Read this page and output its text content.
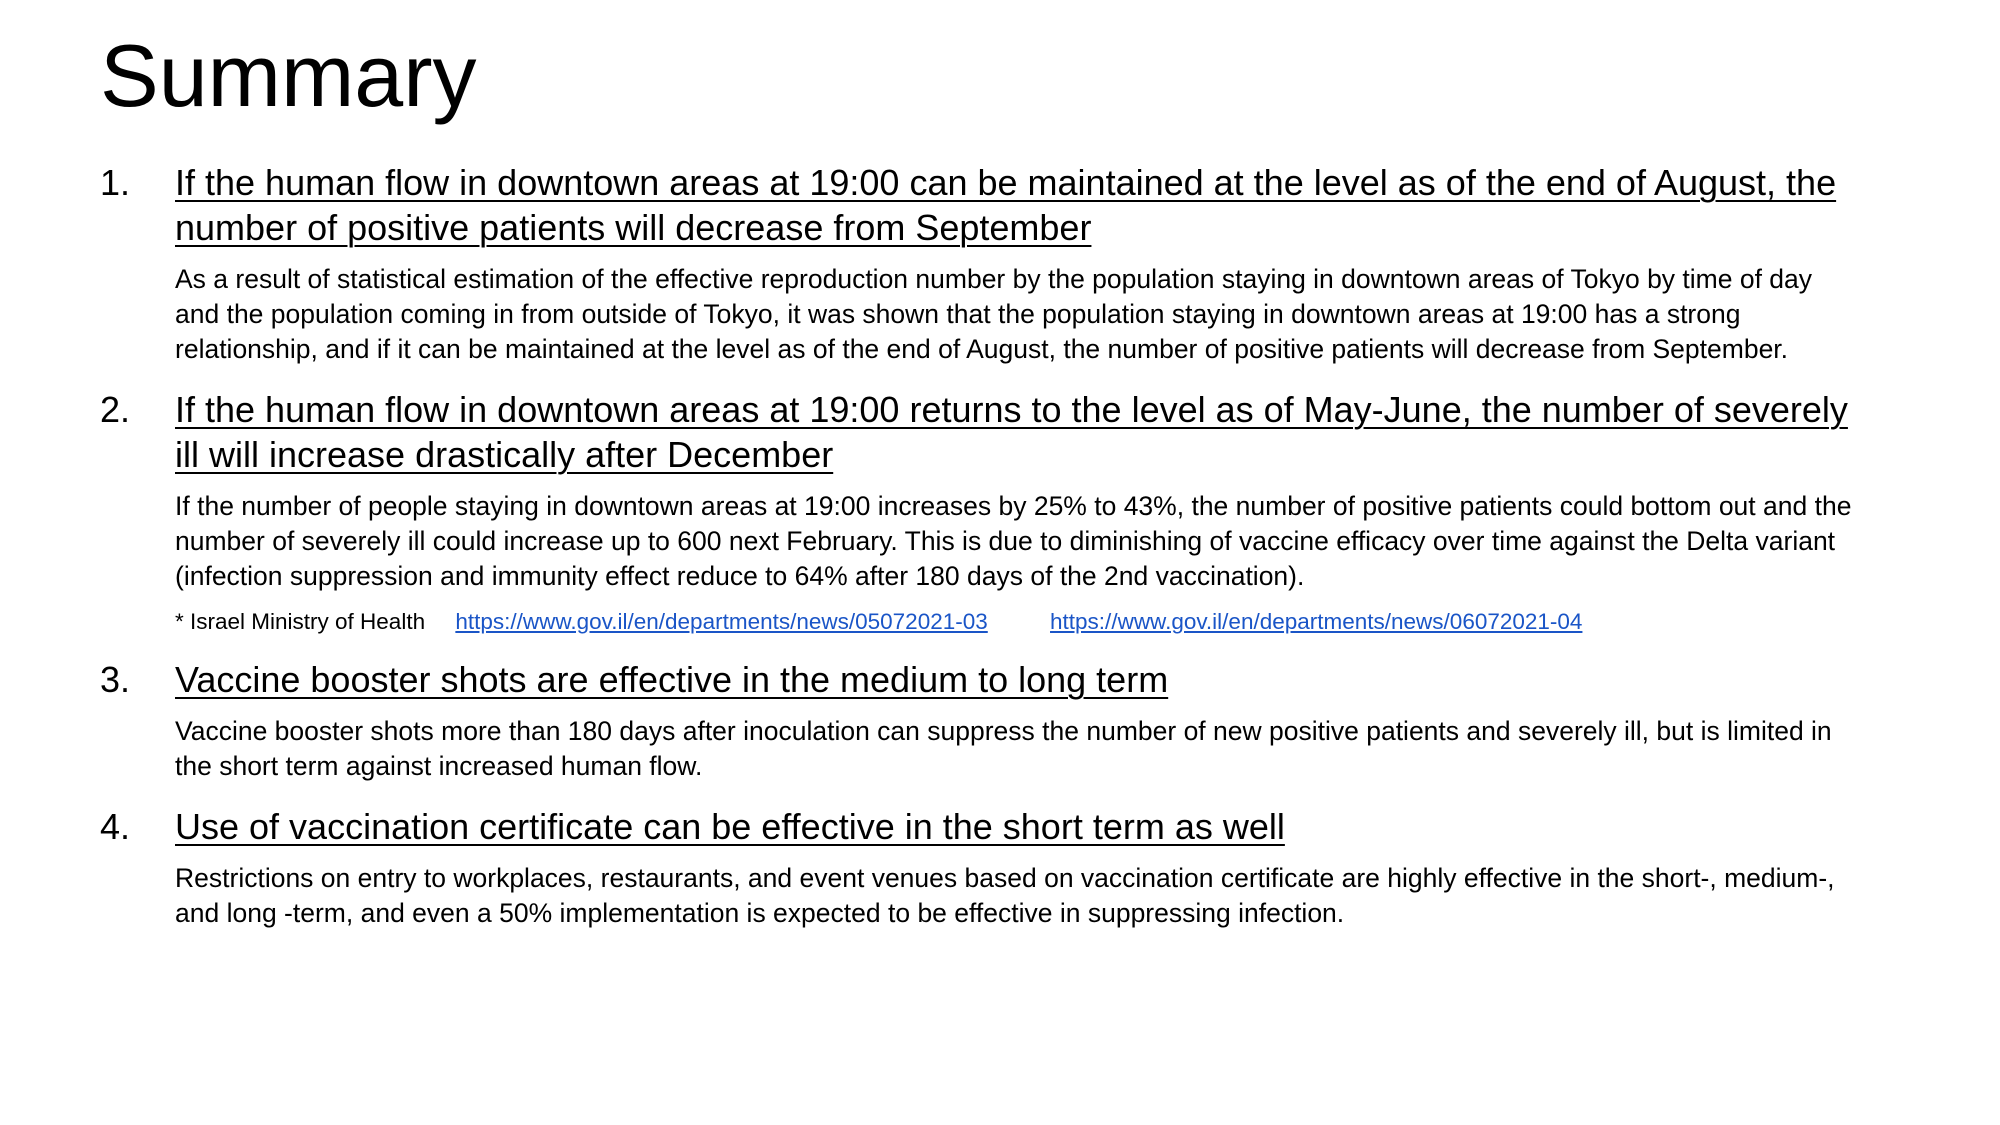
Summary
1. If the human flow in downtown areas at 19:00 can be maintained at the level as of the end of August, the number of positive patients will decrease from September
As a result of statistical estimation of the effective reproduction number by the population staying in downtown areas of Tokyo by time of day and the population coming in from outside of Tokyo, it was shown that the population staying in downtown areas at 19:00 has a strong relationship, and if it can be maintained at the level as of the end of August, the number of positive patients will decrease from September.
2. If the human flow in downtown areas at 19:00 returns to the level as of May-June, the number of severely ill will increase drastically after December
If the number of people staying in downtown areas at 19:00 increases by 25% to 43%, the number of positive patients could bottom out and the number of severely ill could increase up to 600 next February. This is due to diminishing of vaccine efficacy over time against the Delta variant (infection suppression and immunity effect reduce to 64% after 180 days of the 2nd vaccination).
* Israel Ministry of Health https://www.gov.il/en/departments/news/05072021-03	https://www.gov.il/en/departments/news/06072021-04
3. Vaccine booster shots are effective in the medium to long term
Vaccine booster shots more than 180 days after inoculation can suppress the number of new positive patients and severely ill, but is limited in the short term against increased human flow.
4. Use of vaccination certificate can be effective in the short term as well
Restrictions on entry to workplaces, restaurants, and event venues based on vaccination certificate are highly effective in the short-, medium-, and long -term, and even a 50% implementation is expected to be effective in suppressing infection.
